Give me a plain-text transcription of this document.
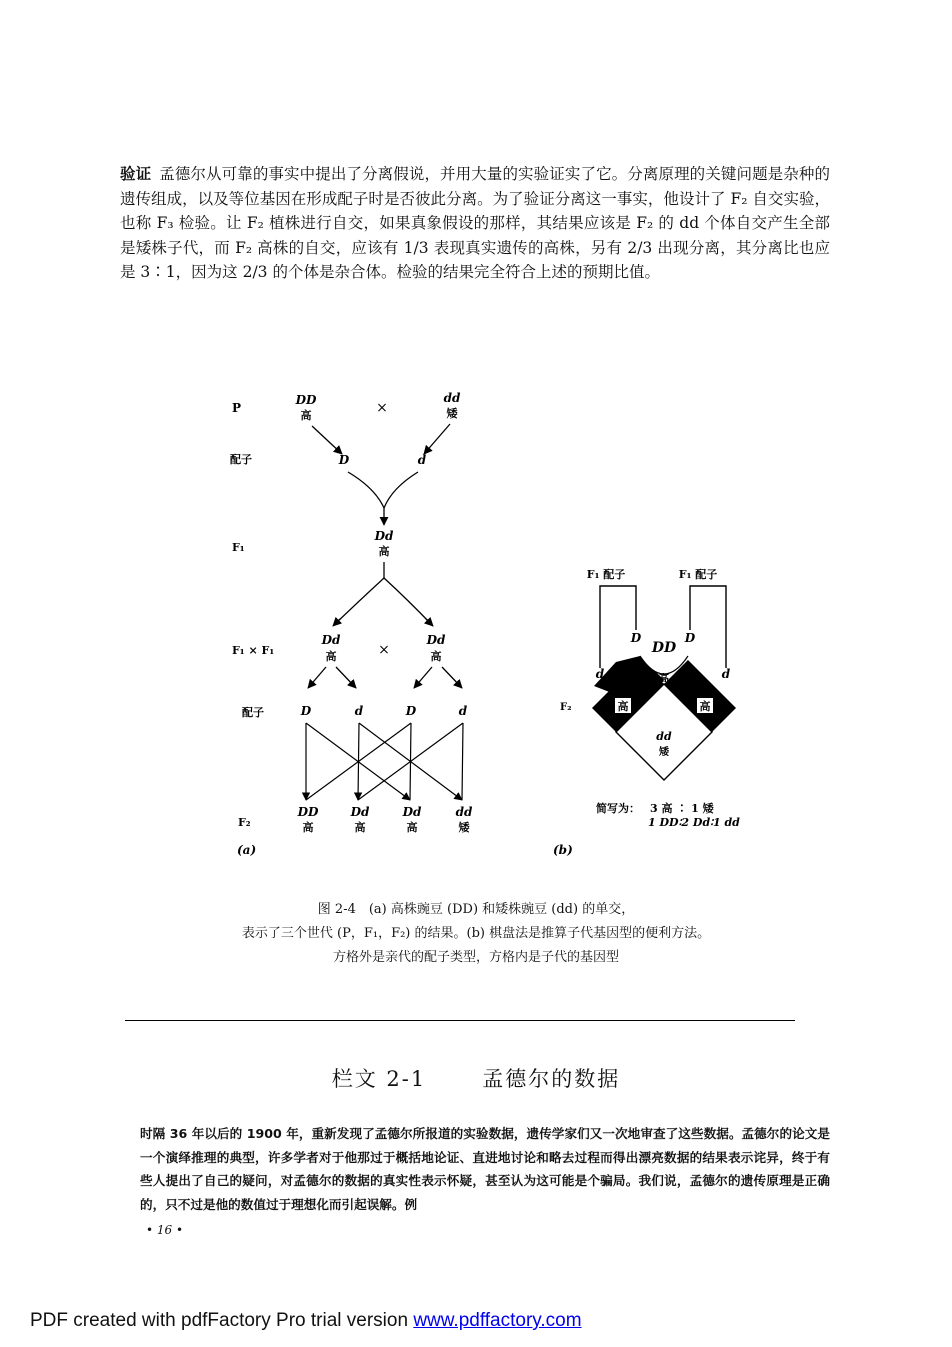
验证 孟德尔从可靠的事实中提出了分离假说，并用大量的实验证实了它。分离原理的关键问题是杂种的遗传组成，以及等位基因在形成配子时是否彼此分离。为了验证分离这一事实，他设计了 F₂ 自交实验，也称 F₃ 检验。让 F₂ 植株进行自交，如果真象假设的那样，其结果应该是 F₂ 的 dd 个体自交产生全部是矮株子代，而 F₂ 高株的自交，应该有 1/3 表现真实遗传的高株，另有 2/3 出现分离，其分离比也应是 3∶1，因为这 2/3 的个体是杂合体。检验的结果完全符合上述的预期比值。

P
配子
F₁
F₁ × F₁
配子
F₂
DD
高	×
dd
矮
D	d
Dd
高
Dd
高	×
Dd
高
D	d	D	d
DD
高
Dd
高
Dd
高
dd
矮
(a)
F₁ 配子	F₁ 配子
D
d
D
d
DD
高
高	高
dd
矮
F₂
简写为： 3 高 ∶ 1 矮
1 DD∶2 Dd∶1 dd
(b)

图 2-4　(a) 高株豌豆 (DD) 和矮株豌豆 (dd) 的单交，

表示了三个世代 (P，F₁，F₂) 的结果。(b) 棋盘法是推算子代基因型的便利方法。

方格外是亲代的配子类型，方格内是子代的基因型

栏文 2-1	孟德尔的数据

时隔 36 年以后的 1900 年，重新发现了孟德尔所报道的实验数据，遗传学家们又一次地审查了这些数据。孟德尔的论文是一个演绎推理的典型，许多学者对于他那过于概括地论证、直进地讨论和略去过程而得出漂亮数据的结果表示诧异，终于有些人提出了自己的疑问，对孟德尔的数据的真实性表示怀疑，甚至认为这可能是个骗局。我们说，孟德尔的遗传原理是正确的，只不过是他的数值过于理想化而引起误解。例

• 16 •
PDF created with pdfFactory Pro trial version www.pdffactory.com
